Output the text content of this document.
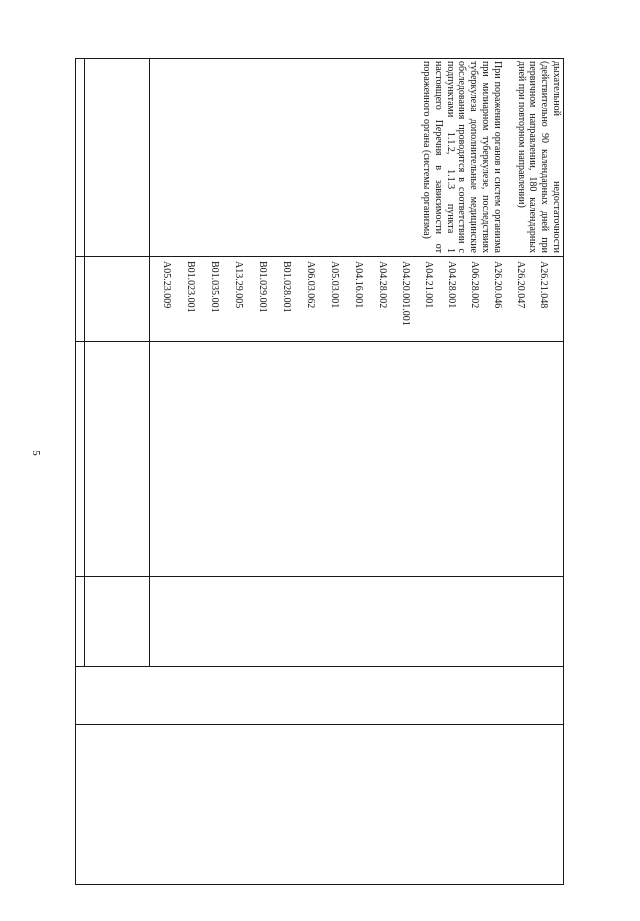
5
A05.23.009 B01.023.001 B01.035.001 A13.29.005 B01.029.001 B01.028.001 A06.03.062 A05.03.001 A04.16.001 A04.28.002 A04.20.001.001 A04.21.001 A04.28.001 A06.28.002 A26.20.046 A26.20.047 A26.21.048

дыхательной недостаточности (действительно 90 календарных дней при первичном направлении, 180 календарных дней при повторном направлении)

При поражении органов и систем организма при милиарном туберкулезе, последствиях туберкулеза дополнительные медицинские обследования проводятся в соответствии с подпунктами 1.1.2, 1.1.3 пункта 1 настоящего Перечня в зависимости от пораженного органа (системы организма)
